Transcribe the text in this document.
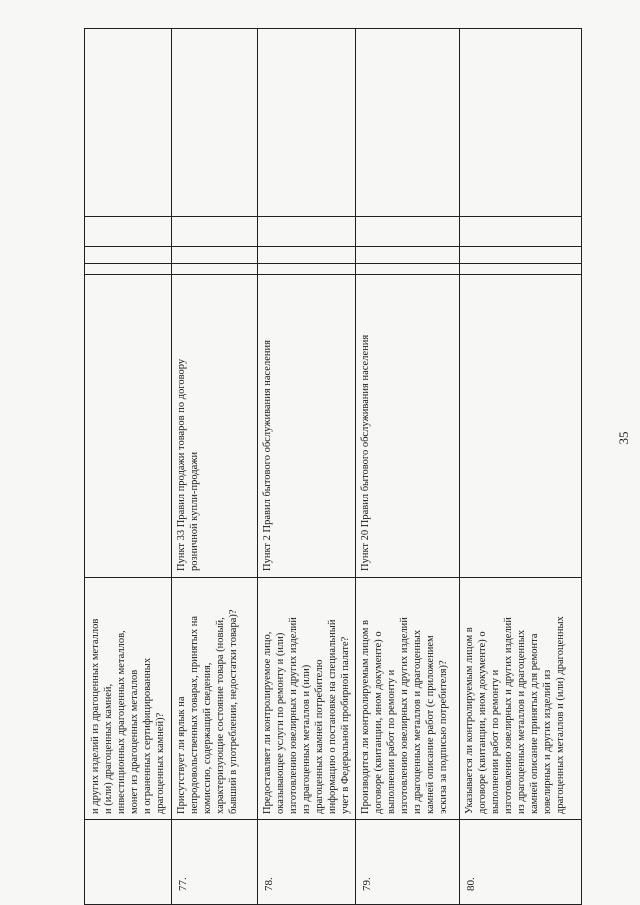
35
и других изделий из драгоценных металлов
и (или) драгоценных камней,
инвестиционных драгоценных металлов,
монет из драгоценных металлов
и ограненных сертифицированных
драгоценных камней)?
77.
Присутствует ли ярлык на
непродовольственных товарах, принятых на
комиссию, содержащий сведения,
характеризующие состояние товара (новый,
бывший в употреблении, недостатки товара)?
Пункт 33 Правил продажи товаров по договору
розничной купли-продажи
78.
Предоставляет ли контролируемое лицо,
оказывающее услуги по ремонту и (или)
изготовлению ювелирных и других изделий
из драгоценных металлов и (или)
драгоценных камней потребителю
информацию о постановке на специальный
учет в Федеральной пробирной палате?
Пункт 2 Правил бытового обслуживания населения
79.
Производится ли контролируемым лицом в
договоре (квитанции, ином документе) о
выполнении работ по ремонту и
изготовлению ювелирных и других изделий
из драгоценных металлов и драгоценных
камней описание работ (с приложением
эскиза за подписью потребителя)?
Пункт 20 Правил бытового обслуживания населения
80.
Указывается ли контролируемым лицом в
договоре (квитанции, ином документе) о
выполнении работ по ремонту и
изготовлению ювелирных и других изделий
из драгоценных металлов и драгоценных
камней описание принятых для ремонта
ювелирных и других изделий из
драгоценных металлов и (или) драгоценных
